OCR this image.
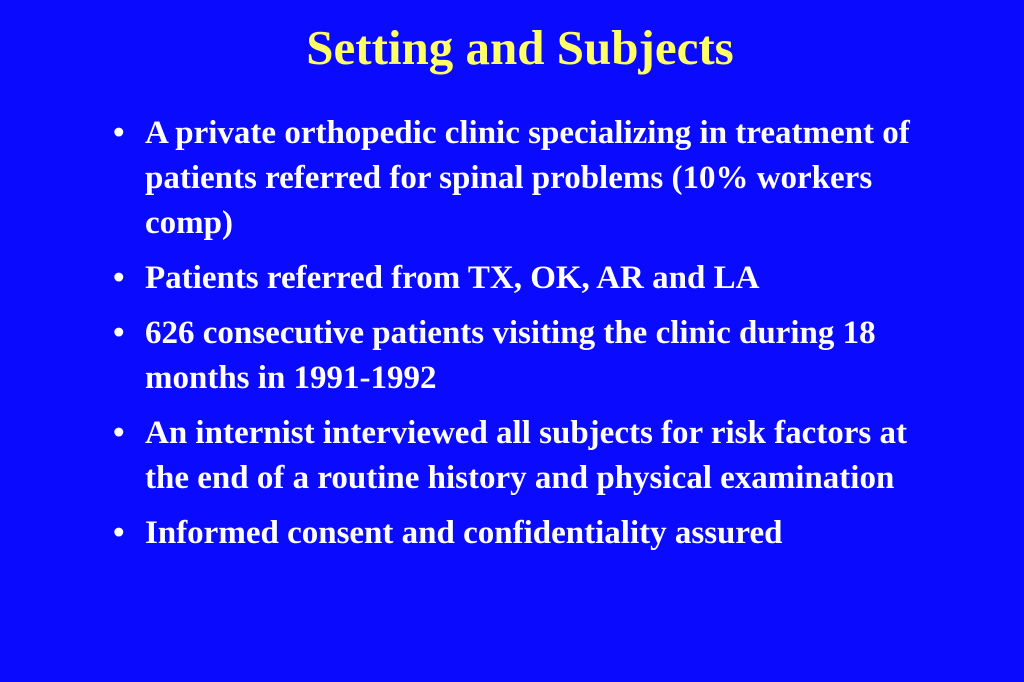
Setting and Subjects
• A private orthopedic clinic specializing in treatment of patients referred for spinal problems (10% workers comp)
• Patients referred from TX, OK, AR and LA
• 626 consecutive patients visiting the clinic during 18 months in 1991-1992
• An internist interviewed all subjects for risk factors at the end of a routine history and physical examination
• Informed consent and confidentiality assured
